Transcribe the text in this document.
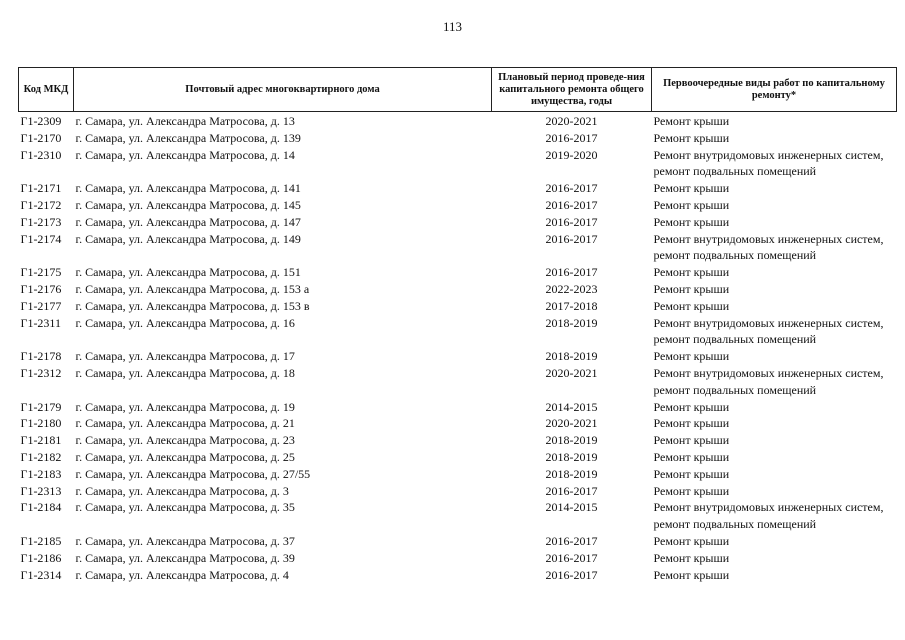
113
Код МКД	Почтовый адрес многоквартирного дома	Плановый период проведе-ния капитального ремонта общего имущества, годы	Первоочередные виды работ по капитальному ремонту*
Г1-2309	г. Самара, ул. Александра Матросова, д. 13	2020-2021	Ремонт крыши

Г1-2170	г. Самара, ул. Александра Матросова, д. 139	2016-2017	Ремонт крыши

Г1-2310	г. Самара, ул. Александра Матросова, д. 14	2019-2020	Ремонт внутридомовых инженерных систем,
ремонт подвальных помещений

Г1-2171	г. Самара, ул. Александра Матросова, д. 141	2016-2017	Ремонт крыши

Г1-2172	г. Самара, ул. Александра Матросова, д. 145	2016-2017	Ремонт крыши

Г1-2173	г. Самара, ул. Александра Матросова, д. 147	2016-2017	Ремонт крыши

Г1-2174	г. Самара, ул. Александра Матросова, д. 149	2016-2017	Ремонт внутридомовых инженерных систем,
ремонт подвальных помещений

Г1-2175	г. Самара, ул. Александра Матросова, д. 151	2016-2017	Ремонт крыши

Г1-2176	г. Самара, ул. Александра Матросова, д. 153 а	2022-2023	Ремонт крыши

Г1-2177	г. Самара, ул. Александра Матросова, д. 153 в	2017-2018	Ремонт крыши

Г1-2311	г. Самара, ул. Александра Матросова, д. 16	2018-2019	Ремонт внутридомовых инженерных систем,
ремонт подвальных помещений

Г1-2178	г. Самара, ул. Александра Матросова, д. 17	2018-2019	Ремонт крыши

Г1-2312	г. Самара, ул. Александра Матросова, д. 18	2020-2021	Ремонт внутридомовых инженерных систем,
ремонт подвальных помещений

Г1-2179	г. Самара, ул. Александра Матросова, д. 19	2014-2015	Ремонт крыши

Г1-2180	г. Самара, ул. Александра Матросова, д. 21	2020-2021	Ремонт крыши

Г1-2181	г. Самара, ул. Александра Матросова, д. 23	2018-2019	Ремонт крыши

Г1-2182	г. Самара, ул. Александра Матросова, д. 25	2018-2019	Ремонт крыши

Г1-2183	г. Самара, ул. Александра Матросова, д. 27/55	2018-2019	Ремонт крыши

Г1-2313	г. Самара, ул. Александра Матросова, д. 3	2016-2017	Ремонт крыши

Г1-2184	г. Самара, ул. Александра Матросова, д. 35	2014-2015	Ремонт внутридомовых инженерных систем,
ремонт подвальных помещений

Г1-2185	г. Самара, ул. Александра Матросова, д. 37	2016-2017	Ремонт крыши

Г1-2186	г. Самара, ул. Александра Матросова, д. 39	2016-2017	Ремонт крыши

Г1-2314	г. Самара, ул. Александра Матросова, д. 4	2016-2017	Ремонт крыши
